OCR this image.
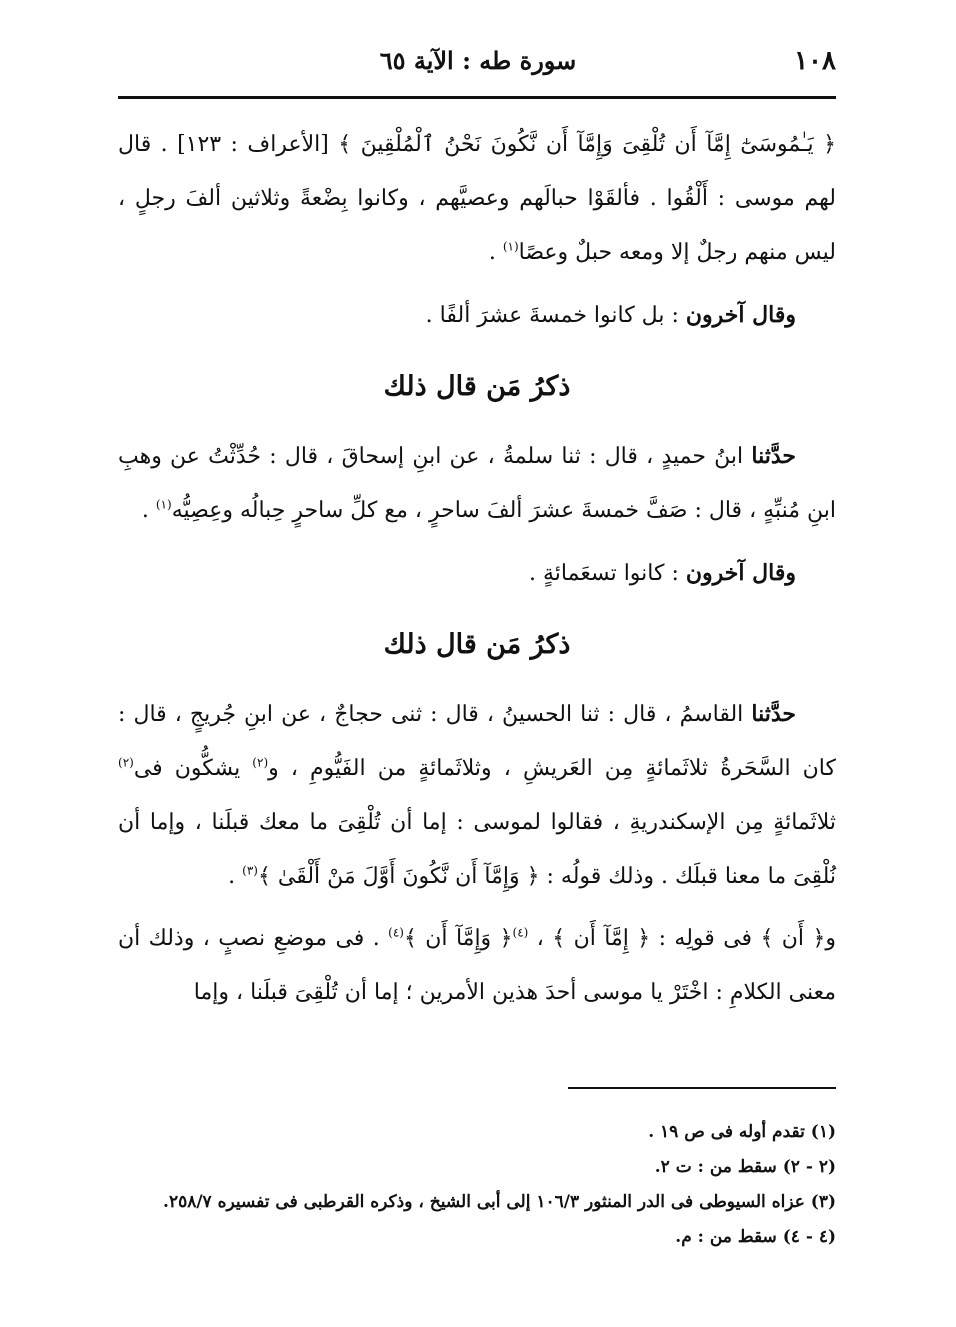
١٠٨
سورة طه : الآية ٦٥

﴿ يَـٰمُوسَىٰٓ إِمَّآ أَن تُلْقِىَ وَإِمَّآ أَن نَّكُونَ نَحْنُ ٱلْمُلْقِينَ ﴾ [الأعراف : ١٢٣] . قال لهم موسى : أَلْقُوا . فألقَوْا حبالَهم وعصيَّهم ، وكانوا بِضْعةً وثلاثين ألفَ رجلٍ ، ليس منهم رجلٌ إلا ومعه حبلٌ وعصًا$^{(١)}$ .

وقال آخرون : بل كانوا خمسةَ عشرَ ألفًا .

ذكرُ مَن قال ذلك

حدَّثنا ابنُ حميدٍ ، قال : ثنا سلمةُ ، عن ابنِ إسحاقَ ، قال : حُدِّثْتُ عن وهبِ ابنِ مُنبِّهٍ ، قال : صَفَّ خمسةَ عشرَ ألفَ ساحرٍ ، مع كلِّ ساحرٍ حِبالُه وعِصِيُّه$^{(١)}$ .

وقال آخرون : كانوا تسعَمائةٍ .

ذكرُ مَن قال ذلك

حدَّثنا القاسمُ ، قال : ثنا الحسينُ ، قال : ثنى حجاجٌ ، عن ابنِ جُريجٍ ، قال : كان السَّحَرةُ ثلاثَمائةٍ مِن العَريشِ ، وثلاثَمائةٍ من الفَيُّومِ ، و$^{(٢)}$ يشكُّون فى$^{(٢)}$ ثلاثَمائةٍ مِن الإسكندريةِ ، فقالوا لموسى : إما أن تُلْقِىَ ما معك قبلَنا ، وإما أن نُلْقِىَ ما معنا قبلَك . وذلك قولُه : ﴿ وَإِمَّآ أَن نَّكُونَ أَوَّلَ مَنْ أَلْقَىٰ ﴾$^{(٣)}$ .

و﴿ أَن ﴾ فى قولِه : ﴿ إِمَّآ أَن ﴾ ، $^{(٤)}$﴿ وَإِمَّآ أَن ﴾$^{(٤)}$ . فى موضعِ نصبٍ ، وذلك أن معنى الكلامِ : اخْتَرْ يا موسى أحدَ هذين الأمرين ؛ إما أن تُلْقِىَ قبلَنا ، وإما

(١) تقدم أوله فى ص ١٩ .

(٢ - ٢) سقط من : ت ٢.

(٣) عزاه السيوطى فى الدر المنثور ١٠٦/٣ إلى أبى الشيخ ، وذكره القرطبى فى تفسيره ٢٥٨/٧.

(٤ - ٤) سقط من : م.
